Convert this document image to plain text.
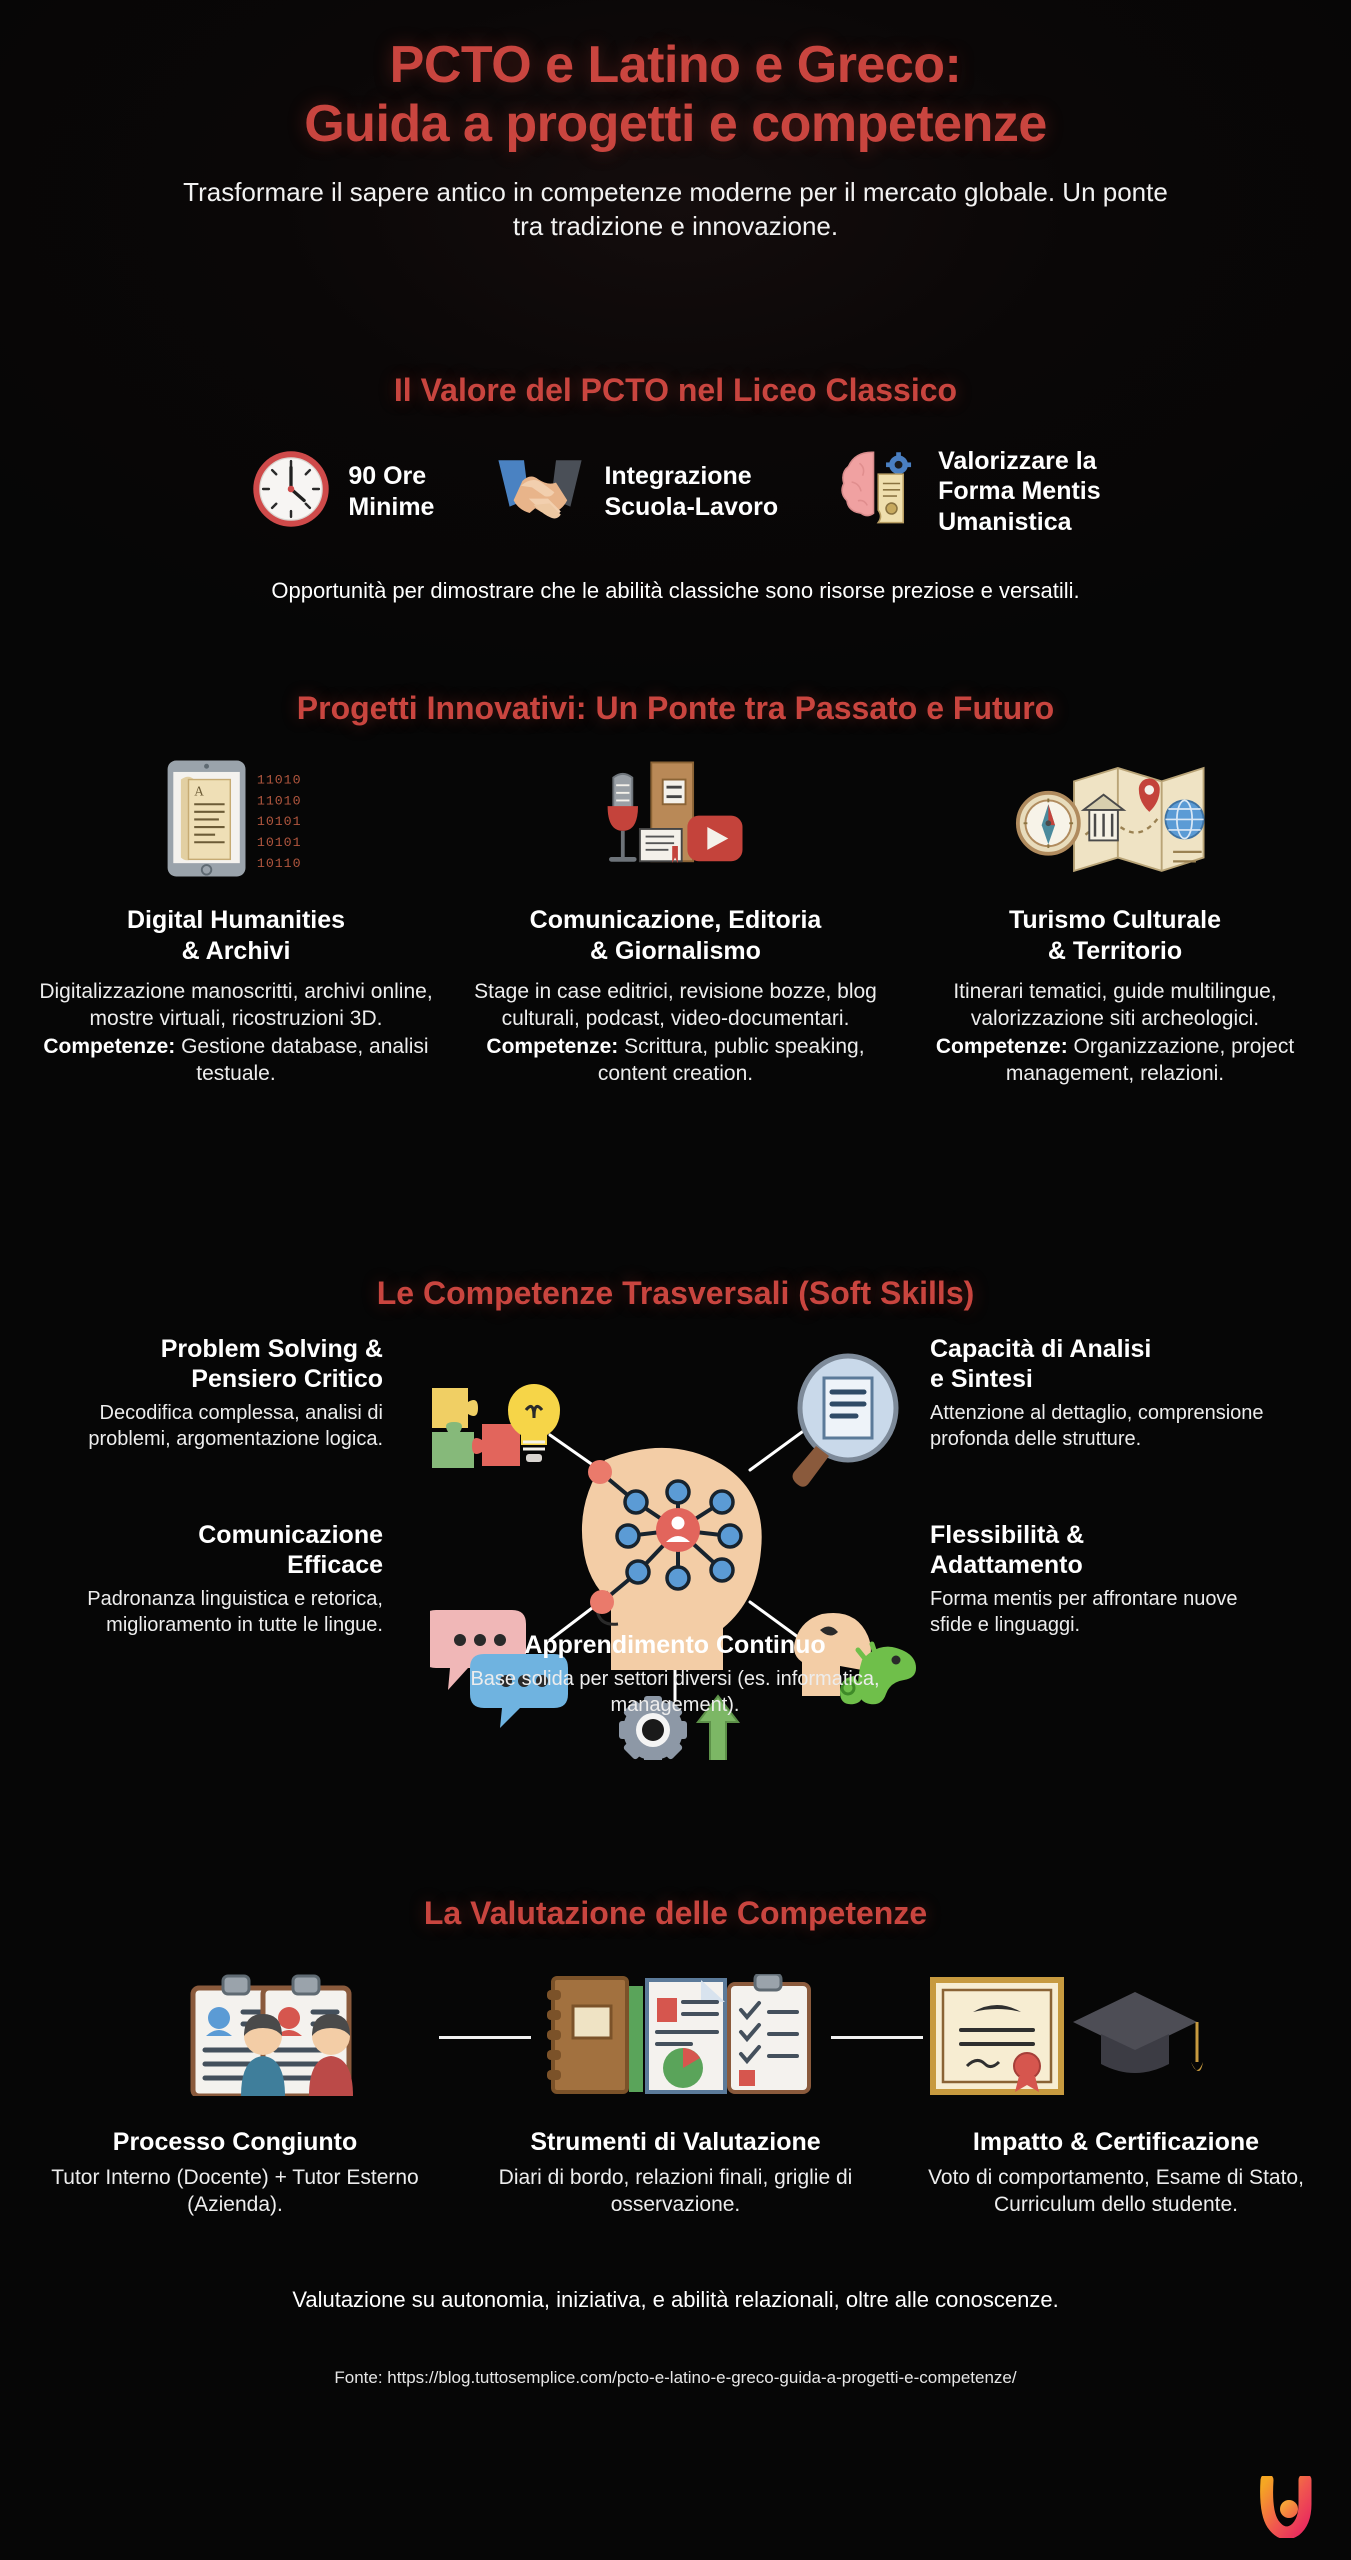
PCTO e Latino e Greco:
Guida a progetti e competenze

Trasformare il sapere antico in competenze moderne per il mercato globale. Un ponte tra tradizione e innovazione.

Il Valore del PCTO nel Liceo Classico
90 Ore
Minime
Integrazione
Scuola-Lavoro
Valorizzare la
Forma Mentis
Umanistica

Opportunità per dimostrare che le abilità classiche sono risorse preziose e versatili.

Progetti Innovativi: Un Ponte tra Passato e Futuro
A
11010
11010
10101
10101
10110
Digital Humanities
& Archivi
Digitalizzazione manoscritti, archivi online, mostre virtuali, ricostruzioni 3D.
Competenze: Gestione database, analisi testuale.
Comunicazione, Editoria
& Giornalismo
Stage in case editrici, revisione bozze, blog culturali, podcast, video-documentari.
Competenze: Scrittura, public speaking, content creation.
Turismo Culturale
& Territorio
Itinerari tematici, guide multilingue, valorizzazione siti archeologici.
Competenze: Organizzazione, project management, relazioni.
Le Competenze Trasversali (Soft Skills)
Problem Solving &
Pensiero Critico

Decodifica complessa, analisi di problemi, argomentazione logica.

Capacità di Analisi
e Sintesi

Attenzione al dettaglio, comprensione profonda delle strutture.

Comunicazione
Efficace

Padronanza linguistica e retorica, miglioramento in tutte le lingue.

Flessibilità &
Adattamento

Forma mentis per affrontare nuove sfide e linguaggi.

Apprendimento Continuo

Base solida per settori diversi (es. informatica, management).

La Valutazione delle Competenze
Processo Congiunto
Tutor Interno (Docente) + Tutor Esterno (Azienda).
Strumenti di Valutazione
Diari di bordo, relazioni finali, griglie di osservazione.
Impatto & Certificazione
Voto di comportamento, Esame di Stato, Curriculum dello studente.

Valutazione su autonomia, iniziativa, e abilità relazionali, oltre alle conoscenze.

Fonte: https://blog.tuttosemplice.com/pcto-e-latino-e-greco-guida-a-progetti-e-competenze/
